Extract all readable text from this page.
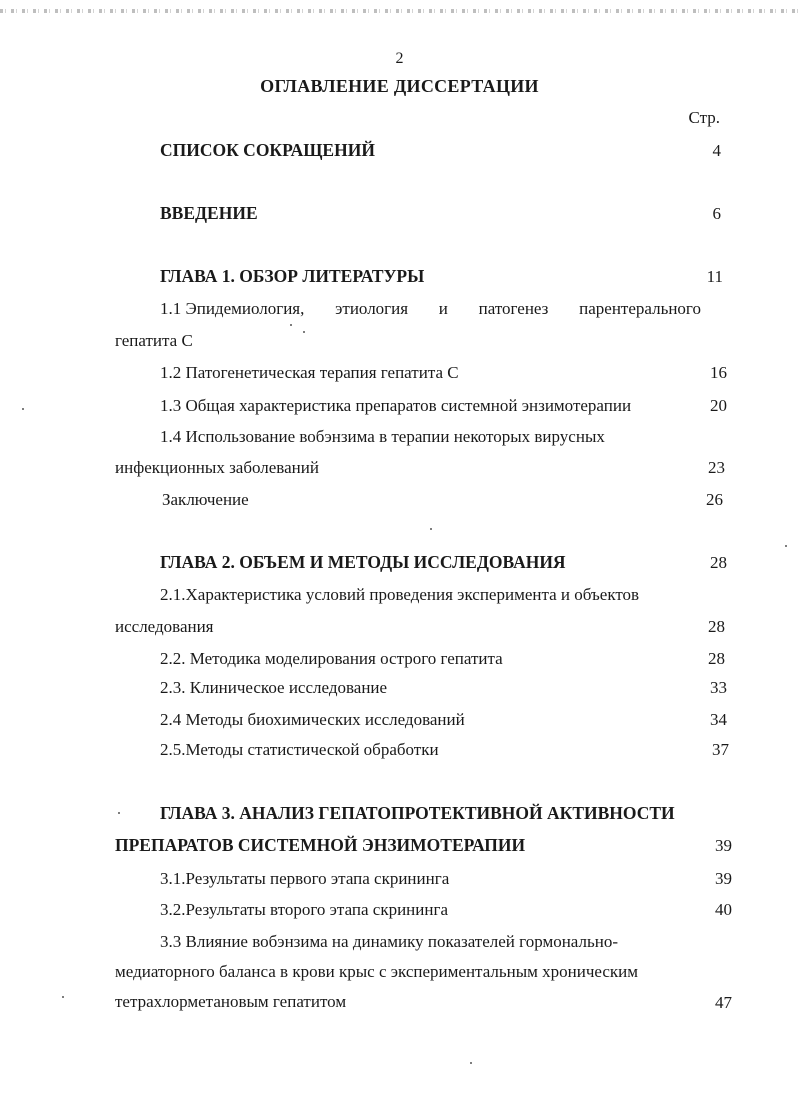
2
ОГЛАВЛЕНИЕ ДИССЕРТАЦИИ
Стр.
СПИСОК СОКРАЩЕНИЙ	4
ВВЕДЕНИЕ	6
ГЛАВА 1. ОБЗОР ЛИТЕРАТУРЫ	11
1.1 Эпидемиология, этиология и патогенез парентерального
гепатита С
1.2 Патогенетическая терапия гепатита С	16
1.3 Общая характеристика препаратов системной энзимотерапии	20
1.4 Использование вобэнзима в терапии некоторых вирусных
инфекционных заболеваний	23
Заключение	26
ГЛАВА 2. ОБЪЕМ И МЕТОДЫ ИССЛЕДОВАНИЯ	28
2.1.Характеристика условий проведения эксперимента и объектов
исследования	28
2.2. Методика моделирования острого гепатита	28
2.3. Клиническое исследование	33
2.4 Методы биохимических исследований	34
2.5.Методы статистической обработки	37
ГЛАВА 3. АНАЛИЗ ГЕПАТОПРОТЕКТИВНОЙ АКТИВНОСТИ
ПРЕПАРАТОВ СИСТЕМНОЙ ЭНЗИМОТЕРАПИИ	39
3.1.Результаты первого этапа скрининга	39
3.2.Результаты второго этапа скрининга	40
3.3 Влияние вобэнзима на динамику показателей гормонально-
медиаторного баланса в крови крыс с экспериментальным хроническим
тетрахлорметановым гепатитом	47
